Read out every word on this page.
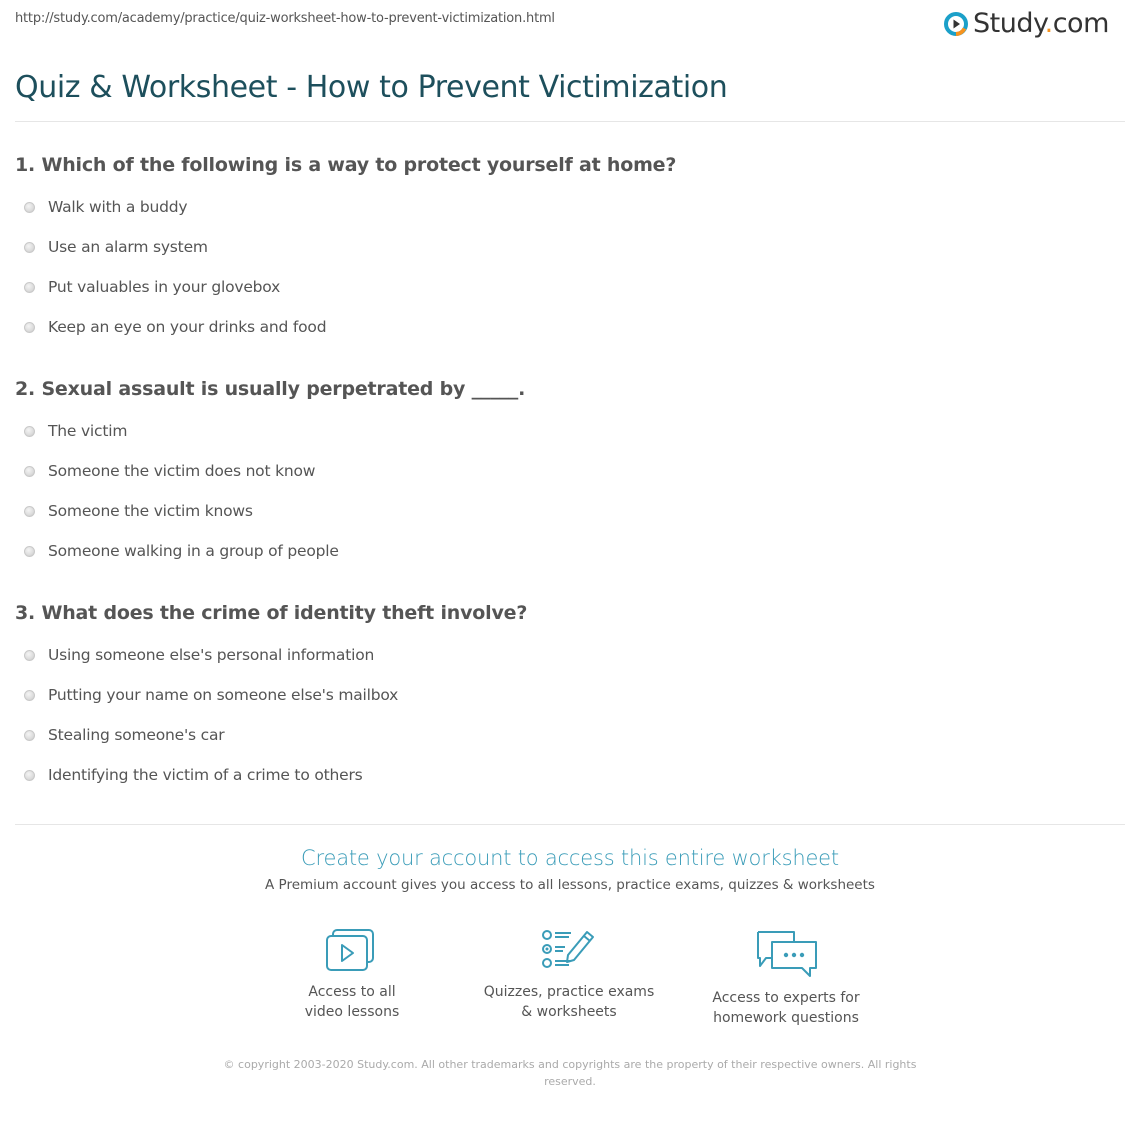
http://study.com/academy/practice/quiz-worksheet-how-to-prevent-victimization.html	Study.com
Quiz & Worksheet - How to Prevent Victimization
1. Which of the following is a way to protect yourself at home?
Walk with a buddy
Use an alarm system
Put valuables in your glovebox
Keep an eye on your drinks and food
2. Sexual assault is usually perpetrated by _____.
The victim
Someone the victim does not know
Someone the victim knows
Someone walking in a group of people
3. What does the crime of identity theft involve?
Using someone else's personal information
Putting your name on someone else's mailbox
Stealing someone's car
Identifying the victim of a crime to others
Create your account to access this entire worksheet
A Premium account gives you access to all lessons, practice exams, quizzes & worksheets
Access to all
video lessons
Quizzes, practice exams
& worksheets
Access to experts for
homework questions
© copyright 2003-2020 Study.com. All other trademarks and copyrights are the property of their respective owners. All rights reserved.
